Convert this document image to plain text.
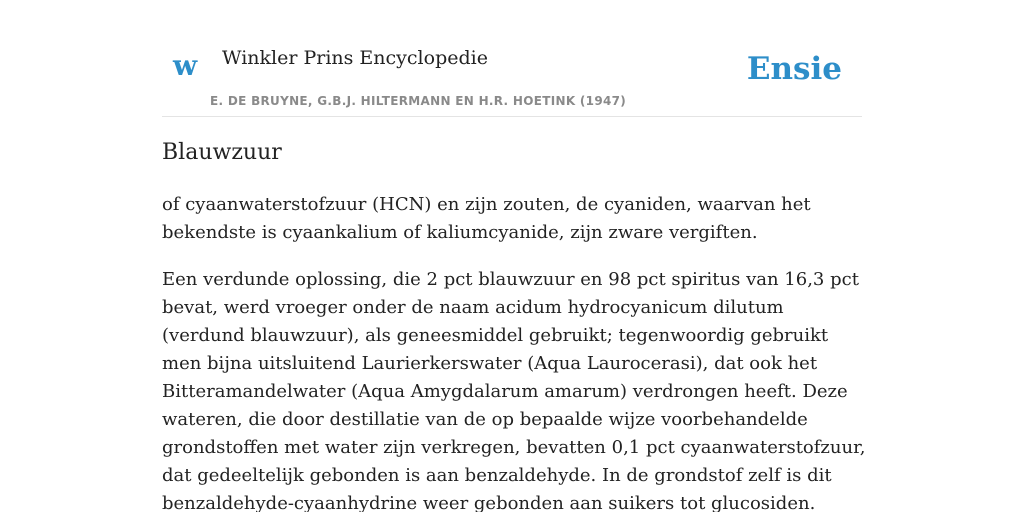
w Winkler Prins Encyclopedie
E. DE BRUYNE, G.B.J. HILTERMANN EN H.R. HOETINK (1947)
Ensie
Blauwzuur

of cyaanwaterstofzuur (HCN) en zijn zouten, de cyaniden, waarvan het bekendste is cyaankalium of kaliumcyanide, zijn zware vergiften.

Een verdunde oplossing, die 2 pct blauwzuur en 98 pct spiritus van 16,3 pct bevat, werd vroeger onder de naam acidum hydrocyanicum dilutum (verdund blauwzuur), als geneesmiddel gebruikt; tegenwoordig gebruikt men bijna uitsluitend Laurierkerswater (Aqua Laurocerasi), dat ook het Bitteramandelwater (Aqua Amygdalarum amarum) verdrongen heeft. Deze wateren, die door destillatie van de op bepaalde wijze voorbehandelde grondstoffen met water zijn verkregen, bevatten 0,1 pct cyaanwaterstofzuur, dat gedeeltelijk gebonden is aan benzaldehyde. In de grondstof zelf is dit benzaldehyde-cyaanhydrine weer gebonden aan suikers tot glucosiden.
